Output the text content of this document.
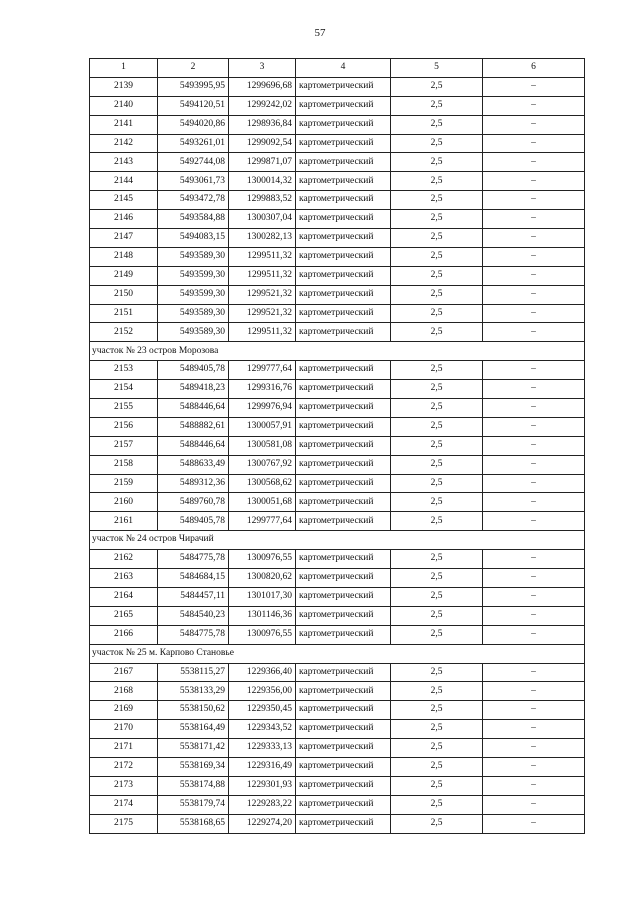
57
1	2	3	4	5	6
2139	5493995,95	1299696,68	картометрический	2,5	–
2140	5494120,51	1299242,02	картометрический	2,5	–
2141	5494020,86	1298936,84	картометрический	2,5	–
2142	5493261,01	1299092,54	картометрический	2,5	–
2143	5492744,08	1299871,07	картометрический	2,5	–
2144	5493061,73	1300014,32	картометрический	2,5	–
2145	5493472,78	1299883,52	картометрический	2,5	–
2146	5493584,88	1300307,04	картометрический	2,5	–
2147	5494083,15	1300282,13	картометрический	2,5	–
2148	5493589,30	1299511,32	картометрический	2,5	–
2149	5493599,30	1299511,32	картометрический	2,5	–
2150	5493599,30	1299521,32	картометрический	2,5	–
2151	5493589,30	1299521,32	картометрический	2,5	–
2152	5493589,30	1299511,32	картометрический	2,5	–
участок № 23 остров Морозова					
2153	5489405,78	1299777,64	картометрический	2,5	–
2154	5489418,23	1299316,76	картометрический	2,5	–
2155	5488446,64	1299976,94	картометрический	2,5	–
2156	5488882,61	1300057,91	картометрический	2,5	–
2157	5488446,64	1300581,08	картометрический	2,5	–
2158	5488633,49	1300767,92	картометрический	2,5	–
2159	5489312,36	1300568,62	картометрический	2,5	–
2160	5489760,78	1300051,68	картометрический	2,5	–
2161	5489405,78	1299777,64	картометрический	2,5	–
участок № 24 остров Чирачий					
2162	5484775,78	1300976,55	картометрический	2,5	–
2163	5484684,15	1300820,62	картометрический	2,5	–
2164	5484457,11	1301017,30	картометрический	2,5	–
2165	5484540,23	1301146,36	картометрический	2,5	–
2166	5484775,78	1300976,55	картометрический	2,5	–
участок № 25 м. Карпово Становье					
2167	5538115,27	1229366,40	картометрический	2,5	–
2168	5538133,29	1229356,00	картометрический	2,5	–
2169	5538150,62	1229350,45	картометрический	2,5	–
2170	5538164,49	1229343,52	картометрический	2,5	–
2171	5538171,42	1229333,13	картометрический	2,5	–
2172	5538169,34	1229316,49	картометрический	2,5	–
2173	5538174,88	1229301,93	картометрический	2,5	–
2174	5538179,74	1229283,22	картометрический	2,5	–
2175	5538168,65	1229274,20	картометрический	2,5	–
